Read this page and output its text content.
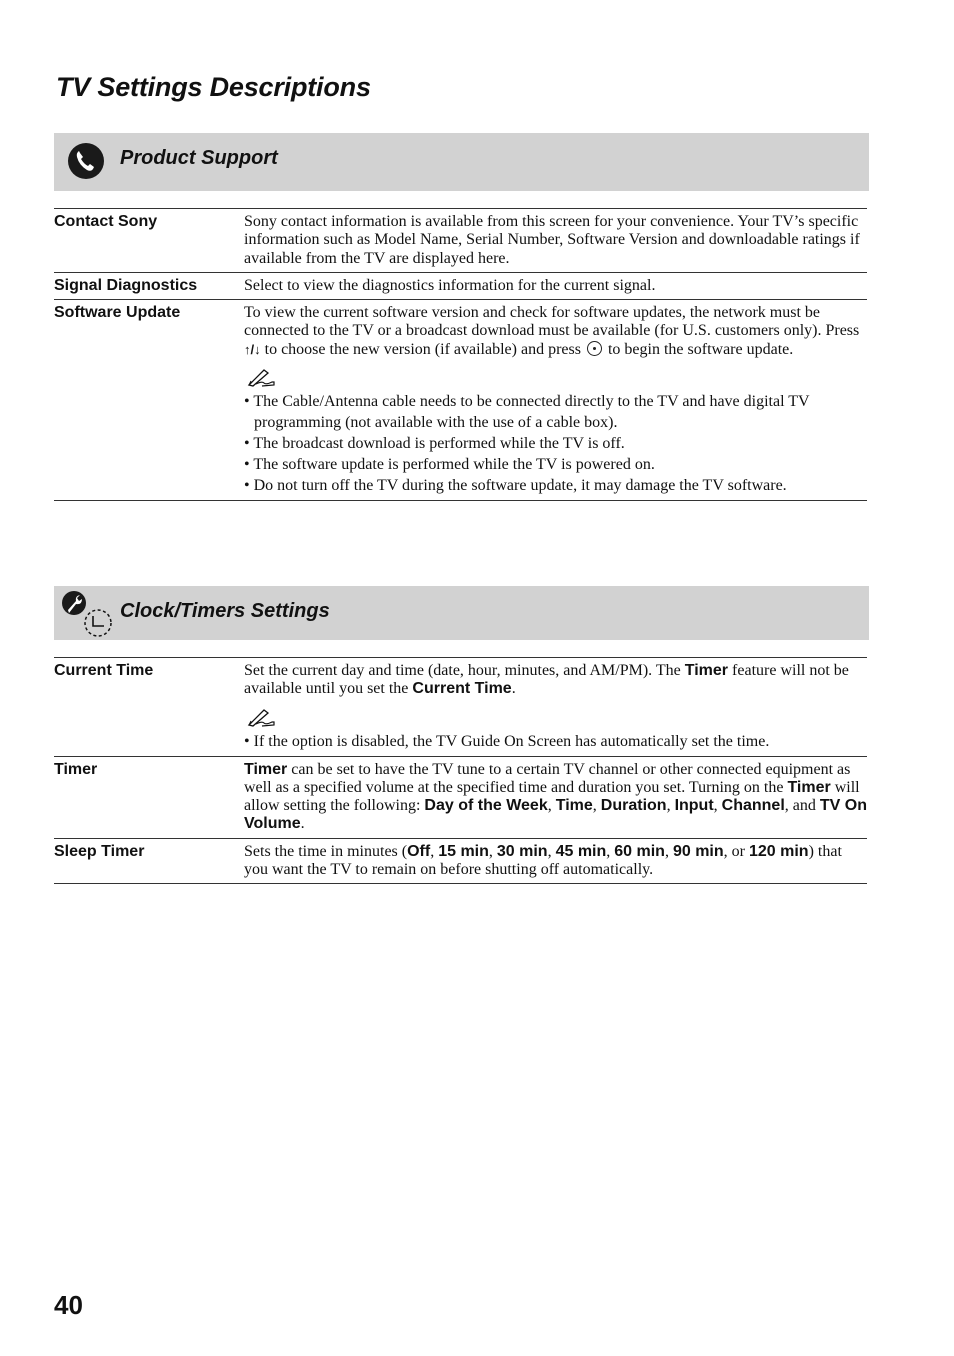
TV Settings Descriptions
Product Support
Contact Sony	Sony contact information is available from this screen for your convenience. Your TV’s specific information such as Model Name, Serial Number, Software Version and downloadable ratings if available from the TV are displayed here.
Signal Diagnostics	Select to view the diagnostics information for the current signal.
Software Update	To view the current software version and check for software updates, the network must be connected to the TV or a broadcast download must be available (for U.S. customers only). Press ↑/↓ to choose the new version (if available) and press to begin the software update.
• The Cable/Antenna cable needs to be connected directly to the TV and have digital TV programming (not available with the use of a cable box).
• The broadcast download is performed while the TV is off.
• The software update is performed while the TV is powered on.
• Do not turn off the TV during the software update, it may damage the TV software.
Clock/Timers Settings
Current Time	Set the current day and time (date, hour, minutes, and AM/PM). The Timer feature will not be available until you set the Current Time.
• If the option is disabled, the TV Guide On Screen has automatically set the time.
Timer	Timer can be set to have the TV tune to a certain TV channel or other connected equipment as well as a specified volume at the specified time and duration you set. Turning on the Timer will allow setting the following: Day of the Week, Time, Duration, Input, Channel, and TV On Volume.
Sleep Timer	Sets the time in minutes (Off, 15 min, 30 min, 45 min, 60 min, 90 min, or 120 min) that you want the TV to remain on before shutting off automatically.
40
